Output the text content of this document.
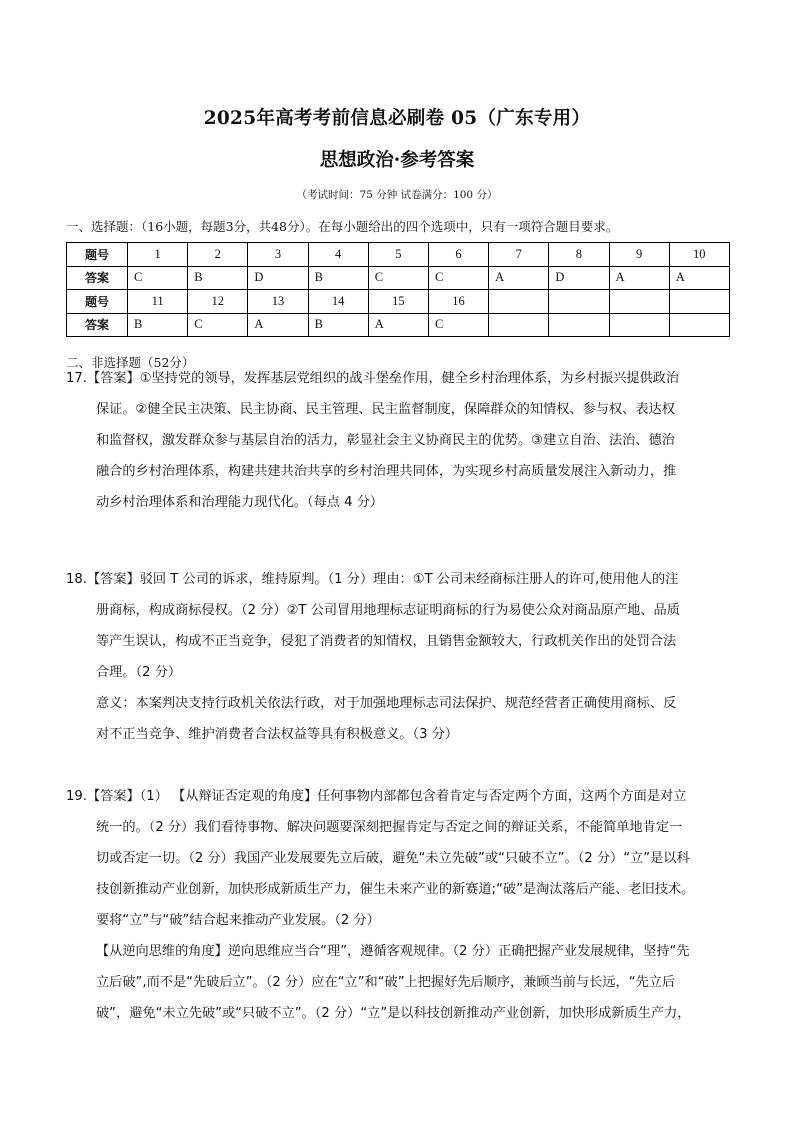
2025年高考考前信息必刷卷 05（广东专用）
思想政治·参考答案
（考试时间：75 分钟 试卷满分：100 分）
一、选择题：（16小题，每题3分，共48分）。在每小题给出的四个选项中，只有一项符合题目要求。
题号	1	2	3	4	5	6	7	8	9	10
答案	C	B	D	B	C	C	A	D	A	A
题号	11	12	13	14	15	16				
答案	B	C	A	B	A	C				
二、非选择题（52分）
17.【答案】①坚持党的领导，发挥基层党组织的战斗堡垒作用，健全乡村治理体系，为乡村振兴提供政治
保证。②健全民主决策、民主协商、民主管理、民主监督制度，保障群众的知情权、参与权、表达权
和监督权，激发群众参与基层自治的活力，彰显社会主义协商民主的优势。③建立自治、法治、德治
融合的乡村治理体系，构建共建共治共享的乡村治理共同体，为实现乡村高质量发展注入新动力，推
动乡村治理体系和治理能力现代化。（每点 4 分）
18.【答案】驳回 T 公司的诉求，维持原判。（1 分）理由：①T 公司未经商标注册人的许可,使用他人的注
册商标，构成商标侵权。（2 分）②T 公司冒用地理标志证明商标的行为易使公众对商品原产地、品质
等产生误认，构成不正当竞争，侵犯了消费者的知情权，且销售金额较大，行政机关作出的处罚合法
合理。（2 分）
意义：本案判决支持行政机关依法行政，对于加强地理标志司法保护、规范经营者正确使用商标、反
对不正当竞争、维护消费者合法权益等具有积极意义。（3 分）
19.【答案】（1） 【从辩证否定观的角度】任何事物内部都包含着肯定与否定两个方面，这两个方面是对立
统一的。（2 分）我们看待事物、解决问题要深刻把握肯定与否定之间的辩证关系，不能简单地肯定一
切或否定一切。（2 分）我国产业发展要先立后破，避免“未立先破”或“只破不立”。（2 分）“立”是以科
技创新推动产业创新，加快形成新质生产力，催生未来产业的新赛道;“破”是淘汰落后产能、老旧技术。
要将“立”与“破”结合起来推动产业发展。（2 分）
【从逆向思维的角度】逆向思维应当合“理”，遵循客观规律。（2 分）正确把握产业发展规律，坚持“先
立后破”,而不是“先破后立”。（2 分）应在“立”和“破”上把握好先后顺序，兼顾当前与长远，“先立后
破”，避免“未立先破”或“只破不立”。（2 分）“立”是以科技创新推动产业创新，加快形成新质生产力，
